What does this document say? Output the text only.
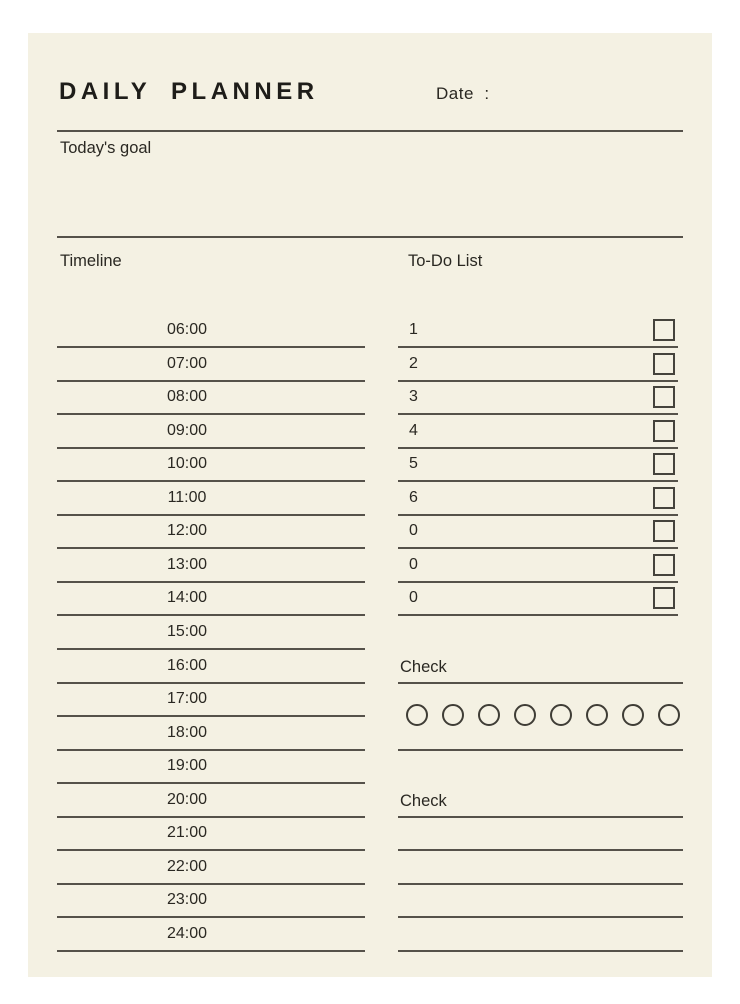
DAILY PLANNER	Date  :
Today's goal
Timeline	To-Do List
06:00
07:00
08:00
09:00
10:00
11:00
12:00
13:00
14:00
15:00
16:00
17:00
18:00
19:00
20:00
21:00
22:00
23:00
24:00
1
2
3
4
5
6
0
0
0
Check
Check
